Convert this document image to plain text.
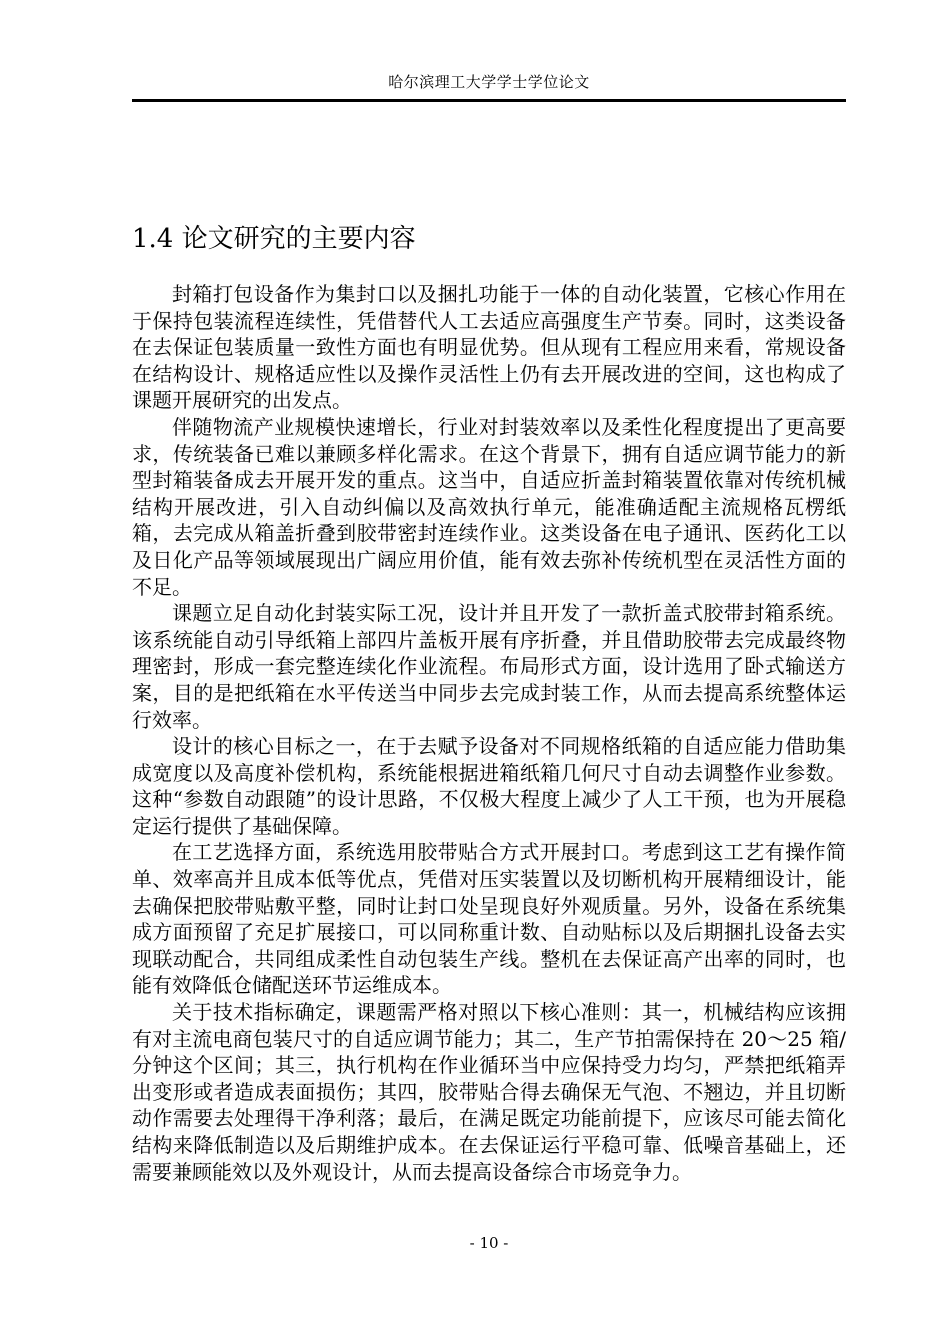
哈尔滨理工大学学士学位论文
1.4 论文研究的主要内容

封箱打包设备作为集封口以及捆扎功能于一体的自动化装置，它核心作用在于保持包装流程连续性，凭借替代人工去适应高强度生产节奏。同时，这类设备在去保证包装质量一致性方面也有明显优势。但从现有工程应用来看，常规设备在结构设计、规格适应性以及操作灵活性上仍有去开展改进的空间，这也构成了课题开展研究的出发点。

伴随物流产业规模快速增长，行业对封装效率以及柔性化程度提出了更高要求，传统装备已难以兼顾多样化需求。在这个背景下，拥有自适应调节能力的新型封箱装备成去开展开发的重点。这当中，自适应折盖封箱装置依靠对传统机械结构开展改进，引入自动纠偏以及高效执行单元，能准确适配主流规格瓦楞纸箱，去完成从箱盖折叠到胶带密封连续作业。这类设备在电子通讯、医药化工以及日化产品等领域展现出广阔应用价值，能有效去弥补传统机型在灵活性方面的不足。

课题立足自动化封装实际工况，设计并且开发了一款折盖式胶带封箱系统。该系统能自动引导纸箱上部四片盖板开展有序折叠，并且借助胶带去完成最终物理密封，形成一套完整连续化作业流程。布局形式方面，设计选用了卧式输送方案，目的是把纸箱在水平传送当中同步去完成封装工作，从而去提高系统整体运行效率。

设计的核心目标之一，在于去赋予设备对不同规格纸箱的自适应能力借助集成宽度以及高度补偿机构，系统能根据进箱纸箱几何尺寸自动去调整作业参数。这种“参数自动跟随”的设计思路，不仅极大程度上减少了人工干预，也为开展稳定运行提供了基础保障。

在工艺选择方面，系统选用胶带贴合方式开展封口。考虑到这工艺有操作简单、效率高并且成本低等优点，凭借对压实装置以及切断机构开展精细设计，能去确保把胶带贴敷平整，同时让封口处呈现良好外观质量。另外，设备在系统集成方面预留了充足扩展接口，可以同称重计数、自动贴标以及后期捆扎设备去实现联动配合，共同组成柔性自动包装生产线。整机在去保证高产出率的同时，也能有效降低仓储配送环节运维成本。

关于技术指标确定，课题需严格对照以下核心准则：其一，机械结构应该拥有对主流电商包装尺寸的自适应调节能力；其二，生产节拍需保持在 20～25 箱/分钟这个区间；其三，执行机构在作业循环当中应保持受力均匀，严禁把纸箱弄出变形或者造成表面损伤；其四，胶带贴合得去确保无气泡、不翘边，并且切断动作需要去处理得干净利落；最后，在满足既定功能前提下，应该尽可能去简化结构来降低制造以及后期维护成本。在去保证运行平稳可靠、低噪音基础上，还需要兼顾能效以及外观设计，从而去提高设备综合市场竞争力。

- 10 -
